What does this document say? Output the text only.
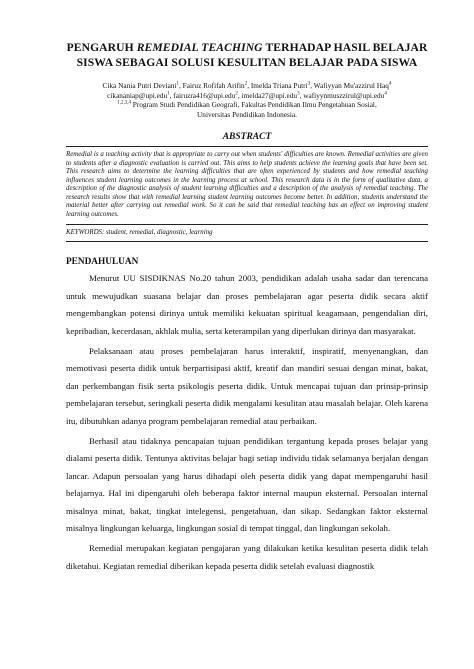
PENGARUH REMEDIAL TEACHING TERHADAP HASIL BELAJAR
SISWA SEBAGAI SOLUSI KESULITAN BELAJAR PADA SISWA
Cika Nania Putri Deviani$^1$, Fairuz Rofifah Arifin$^2$, Imelda Triana Putri$^3$, Wafiyyan Mu'azzirul Haq$^4$
cikananiap@upi.edu$^1$, fairuzra416@upi.edu$^2$, imelda27@upi.edu$^3$, wafiyynmuszzirul@upi.edu$^4$
$^{1,2,3,4}$ Program Studi Pendidikan Geografi, Fakultas Pendidikan Ilmu Pengetahuan Sosial,
Universitas Pendidikan Indonesia.
ABSTRACT

Remedial is a teaching activity that is appropriate to carry out when students' difficulties are known. Remedial activities are given to students after a diagnostic evaluation is carried out. This aims to help students achieve the learning goals that have been set. This research aims to determine the learning difficulties that are often experienced by students and how remedial teaching influences student learning outcomes in the learning process at school. This research data is in the form of qualitative data, a description of the diagnostic analysis of student learning difficulties and a description of the analysis of remedial teaching. The research results show that with remedial learning student learning outcomes become better. In addition, students understand the material better after carrying out remedial work. So it can be said that remedial teaching has an effect on improving student learning outcomes.

KEYWORDS: student, remedial, diagnostic, learning
PENDAHULUAN

Menurut UU SISDIKNAS No.20 tahun 2003, pendidikan adalah usaha sadar dan terencana untuk mewujudkan suasana belajar dan proses pembelajaran agar peserta didik secara aktif mengembangkan potensi dirinya untuk memiliki kekuatan spiritual keagamaan, pengendalian diri, kepribadian, kecerdasan, akhlak mulia, serta keterampilan yang diperlukan dirinya dan masyarakat.

Pelaksanaan atau proses pembelajaran harus interaktif, inspiratif, menyenangkan, dan memotivasi peserta didik untuk berpartisipasi aktif, kreatif dan mandiri sesuai dengan minat, bakat, dan perkembangan fisik serta psikologis peserta didik. Untuk mencapai tujuan dan prinsip-prinsip pembelajaran tersebut, seringkali peserta didik mengalami kesulitan atau masalah belajar. Oleh karena itu, dibutuhkan adanya program pembelajaran remedial atau perbaikan.

Berhasil atau tidaknya pencapaian tujuan pendidikan tergantung kepada proses belajar yang dialami peserta didik. Tentunya aktivitas belajar bagi setiap individu tidak selamanya berjalan dengan lancar. Adapun persoalan yang harus dihadapi oleh peserta didik yang dapat mempengaruhi hasil belajarnya. Hal ini dipengaruhi oleh beberapa faktor internal maupun eksternal. Persoalan internal misalnya minat, bakat, tingkat intelegensi, pengetahuan, dan sikap. Sedangkan faktor eksternal misalnya lingkungan keluarga, lingkungan sosial di tempat tinggal, dan lingkungan sekolah.

Remedial merupakan kegiatan pengajaran yang dilakukan ketika kesulitan peserta didik telah diketahui. Kegiatan remedial diberikan kepada peserta didik setelah evaluasi diagnostik
